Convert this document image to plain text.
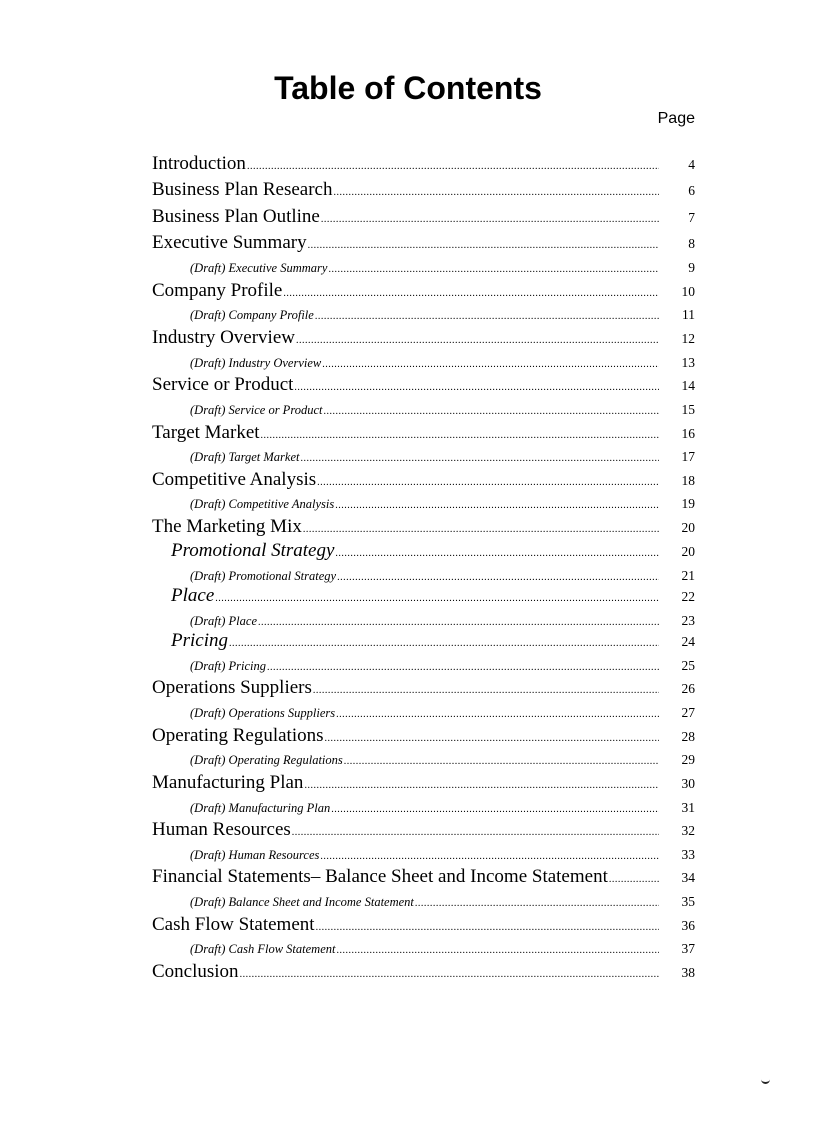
Table of Contents
Page
Introduction .....	4
Business Plan Research .....	6
Business Plan Outline .....	7
Executive Summary .....	8
(Draft) Executive Summary .....	9
Company Profile .....	10
(Draft) Company Profile .....	11
Industry Overview .....	12
(Draft) Industry Overview .....	13
Service or Product .....	14
(Draft) Service or Product .....	15
Target Market .....	16
(Draft) Target Market .....	17
Competitive Analysis .....	18
(Draft) Competitive Analysis .....	19
The Marketing Mix .....	20
Promotional Strategy .....	20
(Draft) Promotional Strategy .....	21
Place .....	22
(Draft) Place .....	23
Pricing .....	24
(Draft) Pricing .....	25
Operations Suppliers .....	26
(Draft) Operations Suppliers .....	27
Operating Regulations .....	28
(Draft) Operating Regulations .....	29
Manufacturing Plan .....	30
(Draft) Manufacturing Plan .....	31
Human Resources .....	32
(Draft) Human Resources .....	33
Financial Statements – Balance Sheet and Income Statement .....	34
(Draft) Balance Sheet and Income Statement .....	35
Cash Flow Statement .....	36
(Draft) Cash Flow Statement .....	37
Conclusion .....	38
